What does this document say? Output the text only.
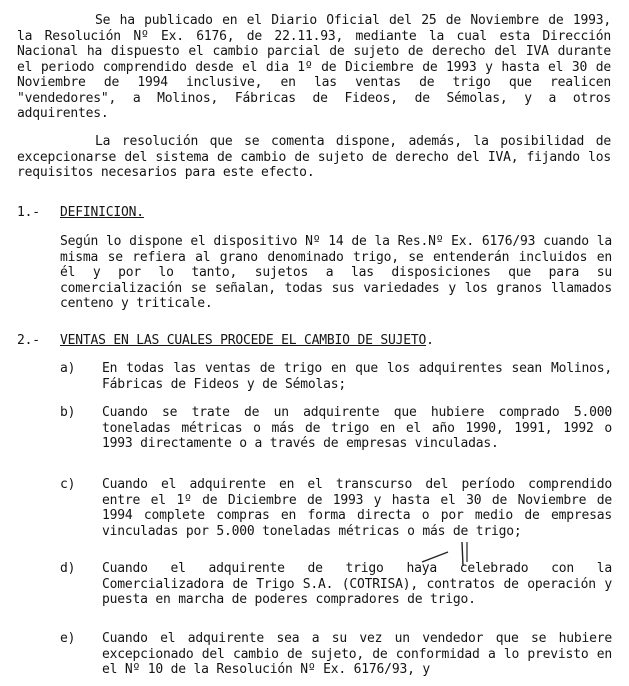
Se ha publicado en el Diario Oficial del 25 de Noviembre de 1993, la Resolución Nº Ex. 6176, de 22.11.93, mediante la cual esta Dirección Nacional ha dispuesto el cambio parcial de sujeto de derecho del IVA durante el periodo comprendido desde el dia 1º de Diciembre de 1993 y hasta el 30 de Noviembre de 1994 inclusive, en las ventas de trigo que realicen "vendedores", a Molinos, Fábricas de Fideos, de Sémolas, y a otros adquirentes.
La resolución que se comenta dispone, además, la posibilidad de excepcionarse del sistema de cambio de sujeto de derecho del IVA, fijando los requisitos necesarios para este efecto.
1.- DEFINICION.
Según lo dispone el dispositivo Nº 14 de la Res.Nº Ex. 6176/93 cuando la misma se refiera al grano denominado trigo, se entenderán incluidos en él y por lo tanto, sujetos a las disposiciones que para su comercialización se señalan, todas sus variedades y los granos llamados centeno y triticale.
2.- VENTAS EN LAS CUALES PROCEDE EL CAMBIO DE SUJETO.
a) En todas las ventas de trigo en que los adquirentes sean Molinos, Fábricas de Fideos y de Sémolas;
b) Cuando se trate de un adquirente que hubiere comprado 5.000 toneladas métricas o más de trigo en el año 1990, 1991, 1992 o 1993 directamente o a través de empresas vinculadas.
c) Cuando el adquirente en el transcurso del período comprendido entre el 1º de Diciembre de 1993 y hasta el 30 de Noviembre de 1994 complete compras en forma directa o por medio de empresas vinculadas por 5.000 toneladas métricas o más de trigo;
d) Cuando el adquirente de trigo haya celebrado con la Comercializadora de Trigo S.A. (COTRISA), contratos de operación y puesta en marcha de poderes compradores de trigo.
e) Cuando el adquirente sea a su vez un vendedor que se hubiere excepcionado del cambio de sujeto, de conformidad a lo previsto en el Nº 10 de la Resolución Nº Ex. 6176/93, y
